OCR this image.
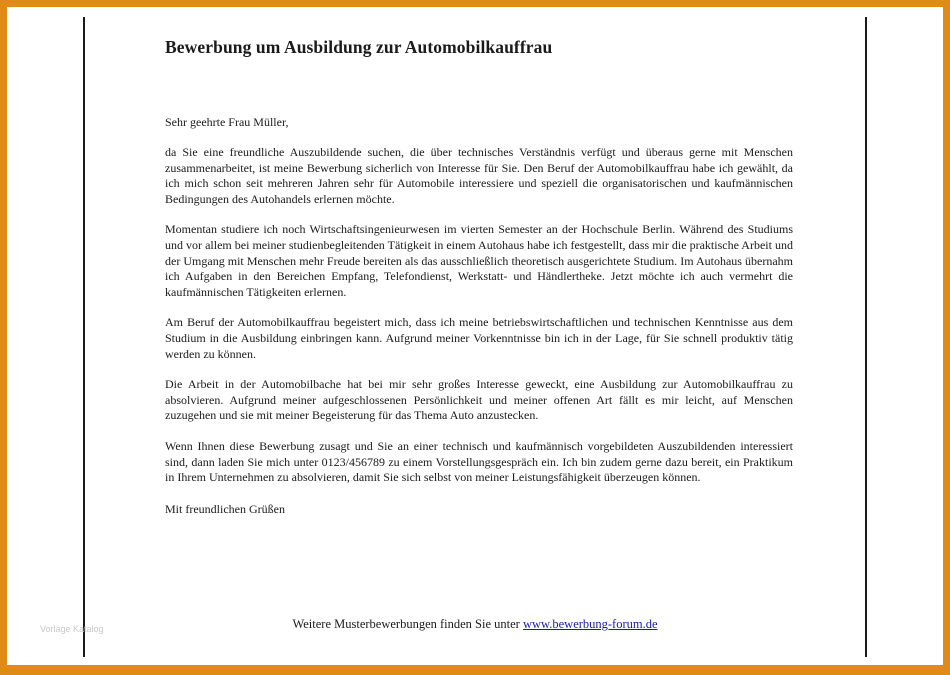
Bewerbung um Ausbildung zur Automobilkauffrau
Sehr geehrte Frau Müller,
da Sie eine freundliche Auszubildende suchen, die über technisches Verständnis verfügt und überaus gerne mit Menschen zusammenarbeitet, ist meine Bewerbung sicherlich von Interesse für Sie. Den Beruf der Automobilkauffrau habe ich gewählt, da ich mich schon seit mehreren Jahren sehr für Automobile interessiere und speziell die organisatorischen und kaufmännischen Bedingungen des Autohandels erlernen möchte.
Momentan studiere ich noch Wirtschaftsingenieurwesen im vierten Semester an der Hochschule Berlin. Während des Studiums und vor allem bei meiner studienbegleitenden Tätigkeit in einem Autohaus habe ich festgestellt, dass mir die praktische Arbeit und der Umgang mit Menschen mehr Freude bereiten als das ausschließlich theoretisch ausgerichtete Studium. Im Autohaus übernahm ich Aufgaben in den Bereichen Empfang, Telefondienst, Werkstatt- und Händlertheke. Jetzt möchte ich auch vermehrt die kaufmännischen Tätigkeiten erlernen.
Am Beruf der Automobilkauffrau begeistert mich, dass ich meine betriebswirtschaftlichen und technischen Kenntnisse aus dem Studium in die Ausbildung einbringen kann. Aufgrund meiner Vorkenntnisse bin ich in der Lage, für Sie schnell produktiv tätig werden zu können.
Die Arbeit in der Automobilbache hat bei mir sehr großes Interesse geweckt, eine Ausbildung zur Automobilkauffrau zu absolvieren. Aufgrund meiner aufgeschlossenen Persönlichkeit und meiner offenen Art fällt es mir leicht, auf Menschen zuzugehen und sie mit meiner Begeisterung für das Thema Auto anzustecken.
Wenn Ihnen diese Bewerbung zusagt und Sie an einer technisch und kaufmännisch vorgebildeten Auszubildenden interessiert sind, dann laden Sie mich unter 0123/456789 zu einem Vorstellungsgespräch ein. Ich bin zudem gerne dazu bereit, ein Praktikum in Ihrem Unternehmen zu absolvieren, damit Sie sich selbst von meiner Leistungsfähigkeit überzeugen können.
Mit freundlichen Grüßen
Weitere Musterbewerbungen finden Sie unter www.bewerbung-forum.de
Vorlage Katalog
